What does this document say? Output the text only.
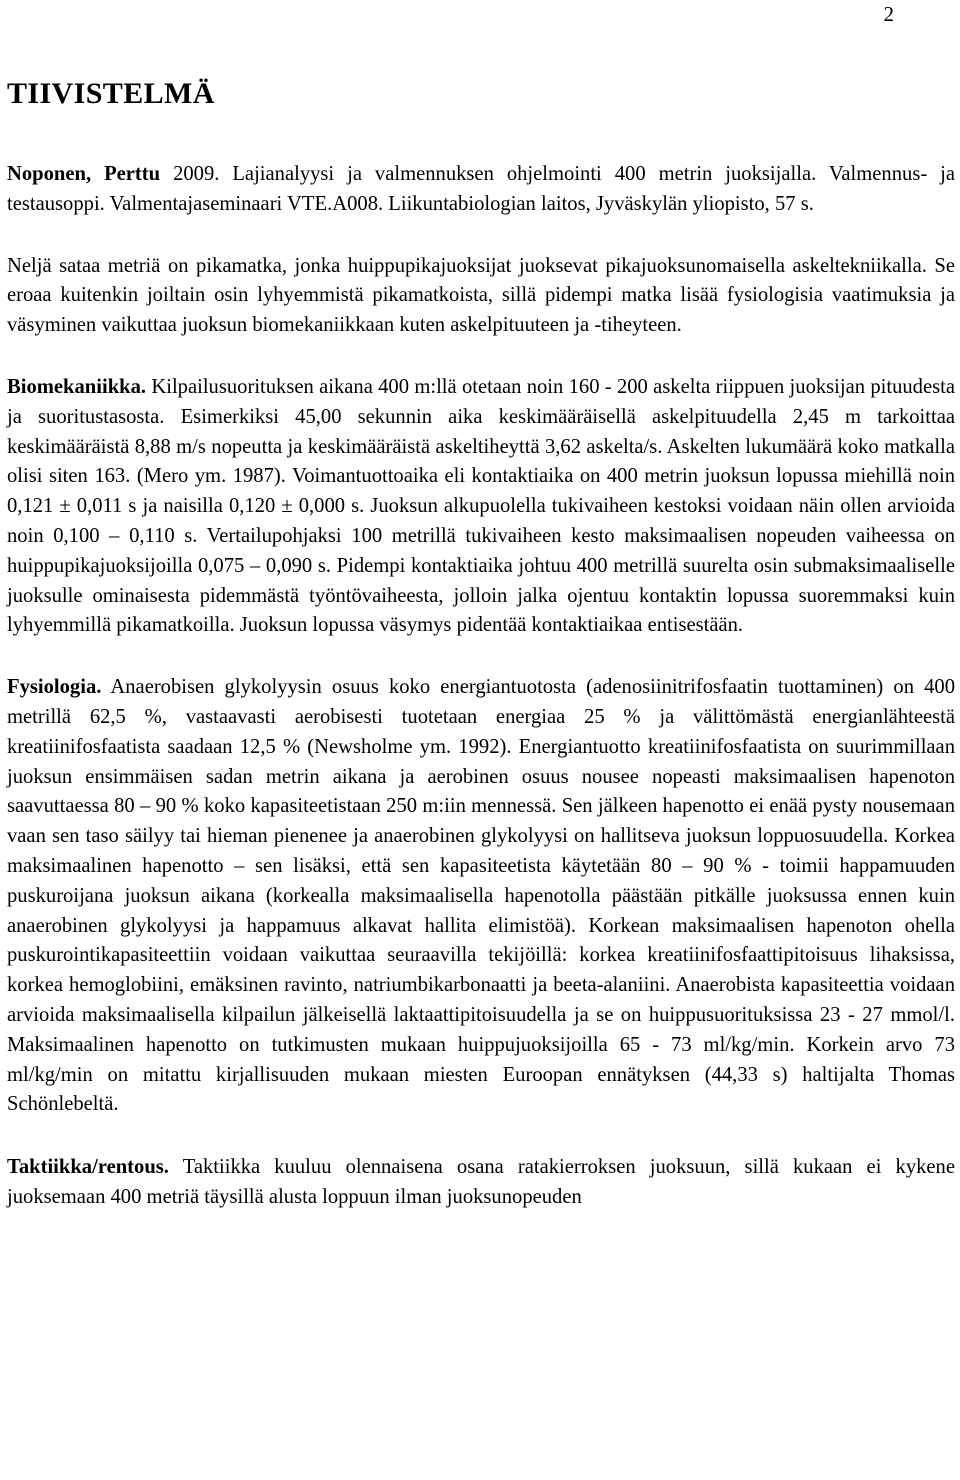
2
TIIVISTELMÄ

Noponen, Perttu 2009. Lajianalyysi ja valmennuksen ohjelmointi 400 metrin juoksijalla. Valmennus- ja testausoppi. Valmentajaseminaari VTE.A008. Liikuntabiologian laitos, Jyväskylän yliopisto, 57 s.

Neljä sataa metriä on pikamatka, jonka huippupikajuoksijat juoksevat pikajuoksunomaisella askeltekniikalla. Se eroaa kuitenkin joiltain osin lyhyemmistä pikamatkoista, sillä pidempi matka lisää fysiologisia vaatimuksia ja väsyminen vaikuttaa juoksun biomekaniikkaan kuten askelpituuteen ja -tiheyteen.

Biomekaniikka. Kilpailusuorituksen aikana 400 m:llä otetaan noin 160 - 200 askelta riippuen juoksijan pituudesta ja suoritustasosta. Esimerkiksi 45,00 sekunnin aika keskimääräisellä askelpituudella 2,45 m tarkoittaa keskimääräistä 8,88 m/s nopeutta ja keskimääräistä askeltiheyttä 3,62 askelta/s. Askelten lukumäärä koko matkalla olisi siten 163. (Mero ym. 1987). Voimantuottoaika eli kontaktiaika on 400 metrin juoksun lopussa miehillä noin 0,121 ± 0,011 s ja naisilla 0,120 ± 0,000 s. Juoksun alkupuolella tukivaiheen kestoksi voidaan näin ollen arvioida noin 0,100 – 0,110 s. Vertailupohjaksi 100 metrillä tukivaiheen kesto maksimaalisen nopeuden vaiheessa on huippupikajuoksijoilla 0,075 – 0,090 s. Pidempi kontaktiaika johtuu 400 metrillä suurelta osin submaksimaaliselle juoksulle ominaisesta pidemmästä työntövaiheesta, jolloin jalka ojentuu kontaktin lopussa suoremmaksi kuin lyhyemmillä pikamatkoilla. Juoksun lopussa väsymys pidentää kontaktiaikaa entisestään.

Fysiologia. Anaerobisen glykolyysin osuus koko energiantuotosta (adenosiinitrifosfaatin tuottaminen) on 400 metrillä 62,5 %, vastaavasti aerobisesti tuotetaan energiaa 25 % ja välittömästä energianlähteestä kreatiinifosfaatista saadaan 12,5 % (Newsholme ym. 1992). Energiantuotto kreatiinifosfaatista on suurimmillaan juoksun ensimmäisen sadan metrin aikana ja aerobinen osuus nousee nopeasti maksimaalisen hapenoton saavuttaessa 80 – 90 % koko kapasiteetistaan 250 m:iin mennessä. Sen jälkeen hapenotto ei enää pysty nousemaan vaan sen taso säilyy tai hieman pienenee ja anaerobinen glykolyysi on hallitseva juoksun loppuosuudella. Korkea maksimaalinen hapenotto – sen lisäksi, että sen kapasiteetista käytetään 80 – 90 % - toimii happamuuden puskuroijana juoksun aikana (korkealla maksimaalisella hapenotolla päästään pitkälle juoksussa ennen kuin anaerobinen glykolyysi ja happamuus alkavat hallita elimistöä). Korkean maksimaalisen hapenoton ohella puskurointikapasiteettiin voidaan vaikuttaa seuraavilla tekijöillä: korkea kreatiinifosfaattipitoisuus lihaksissa, korkea hemoglobiini, emäksinen ravinto, natriumbikarbonaatti ja beeta-alaniini. Anaerobista kapasiteettia voidaan arvioida maksimaalisella kilpailun jälkeisellä laktaattipitoisuudella ja se on huippusuorituksissa 23 - 27 mmol/l. Maksimaalinen hapenotto on tutkimusten mukaan huippujuoksijoilla 65 - 73 ml/kg/min. Korkein arvo 73 ml/kg/min on mitattu kirjallisuuden mukaan miesten Euroopan ennätyksen (44,33 s) haltijalta Thomas Schönlebeltä.

Taktiikka/rentous. Taktiikka kuuluu olennaisena osana ratakierroksen juoksuun, sillä kukaan ei kykene juoksemaan 400 metriä täysillä alusta loppuun ilman juoksunopeuden
